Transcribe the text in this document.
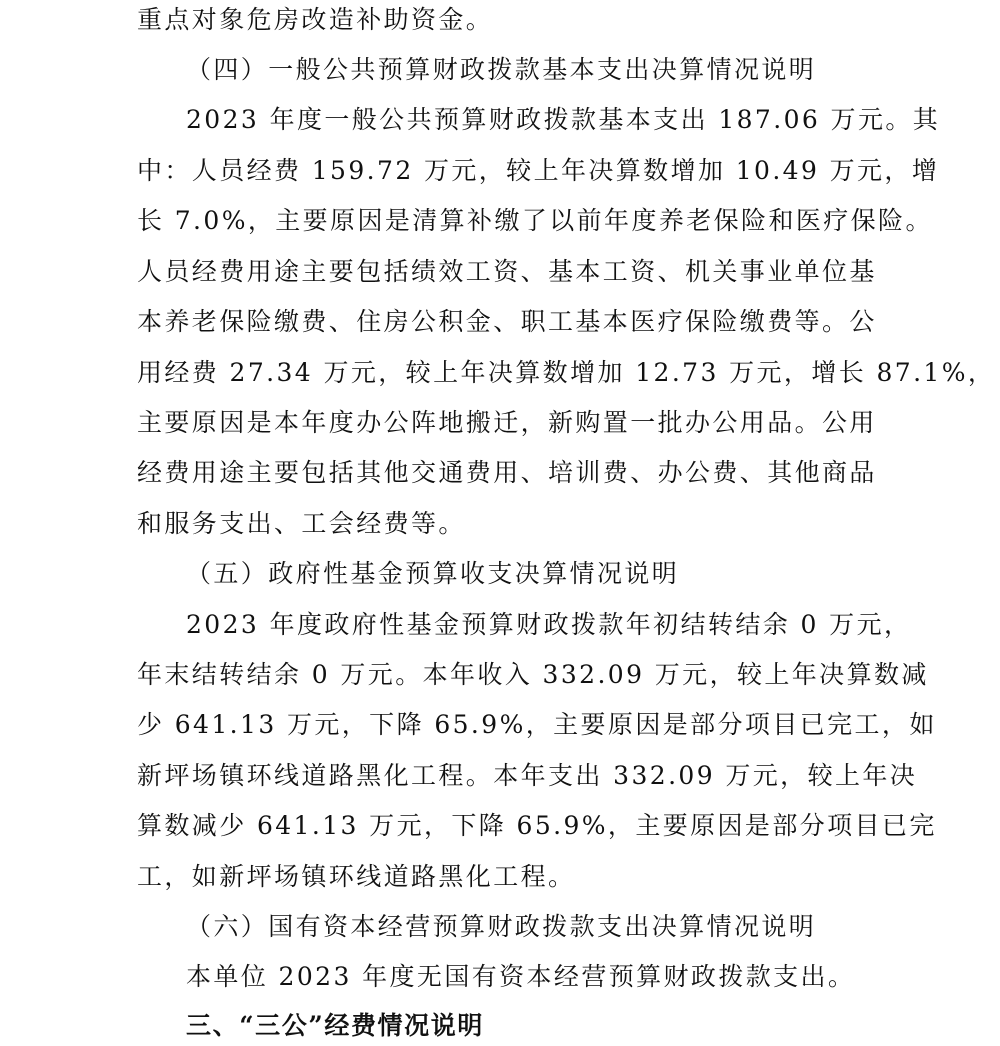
重点对象危房改造补助资金。
（四）一般公共预算财政拨款基本支出决算情况说明
2023 年度一般公共预算财政拨款基本支出 187.06 万元。其
中：人员经费 159.72 万元，较上年决算数增加 10.49 万元，增
长 7.0%，主要原因是清算补缴了以前年度养老保险和医疗保险。
人员经费用途主要包括绩效工资、基本工资、机关事业单位基
本养老保险缴费、住房公积金、职工基本医疗保险缴费等。公
用经费 27.34 万元，较上年决算数增加 12.73 万元，增长 87.1%，
主要原因是本年度办公阵地搬迁，新购置一批办公用品。公用
经费用途主要包括其他交通费用、培训费、办公费、其他商品
和服务支出、工会经费等。
（五）政府性基金预算收支决算情况说明
2023 年度政府性基金预算财政拨款年初结转结余 0 万元，
年末结转结余 0 万元。本年收入 332.09 万元，较上年决算数减
少 641.13 万元，下降 65.9%，主要原因是部分项目已完工，如
新坪场镇环线道路黑化工程。本年支出 332.09 万元，较上年决
算数减少 641.13 万元，下降 65.9%，主要原因是部分项目已完
工，如新坪场镇环线道路黑化工程。
（六）国有资本经营预算财政拨款支出决算情况说明
本单位 2023 年度无国有资本经营预算财政拨款支出。
三、“三公”经费情况说明
